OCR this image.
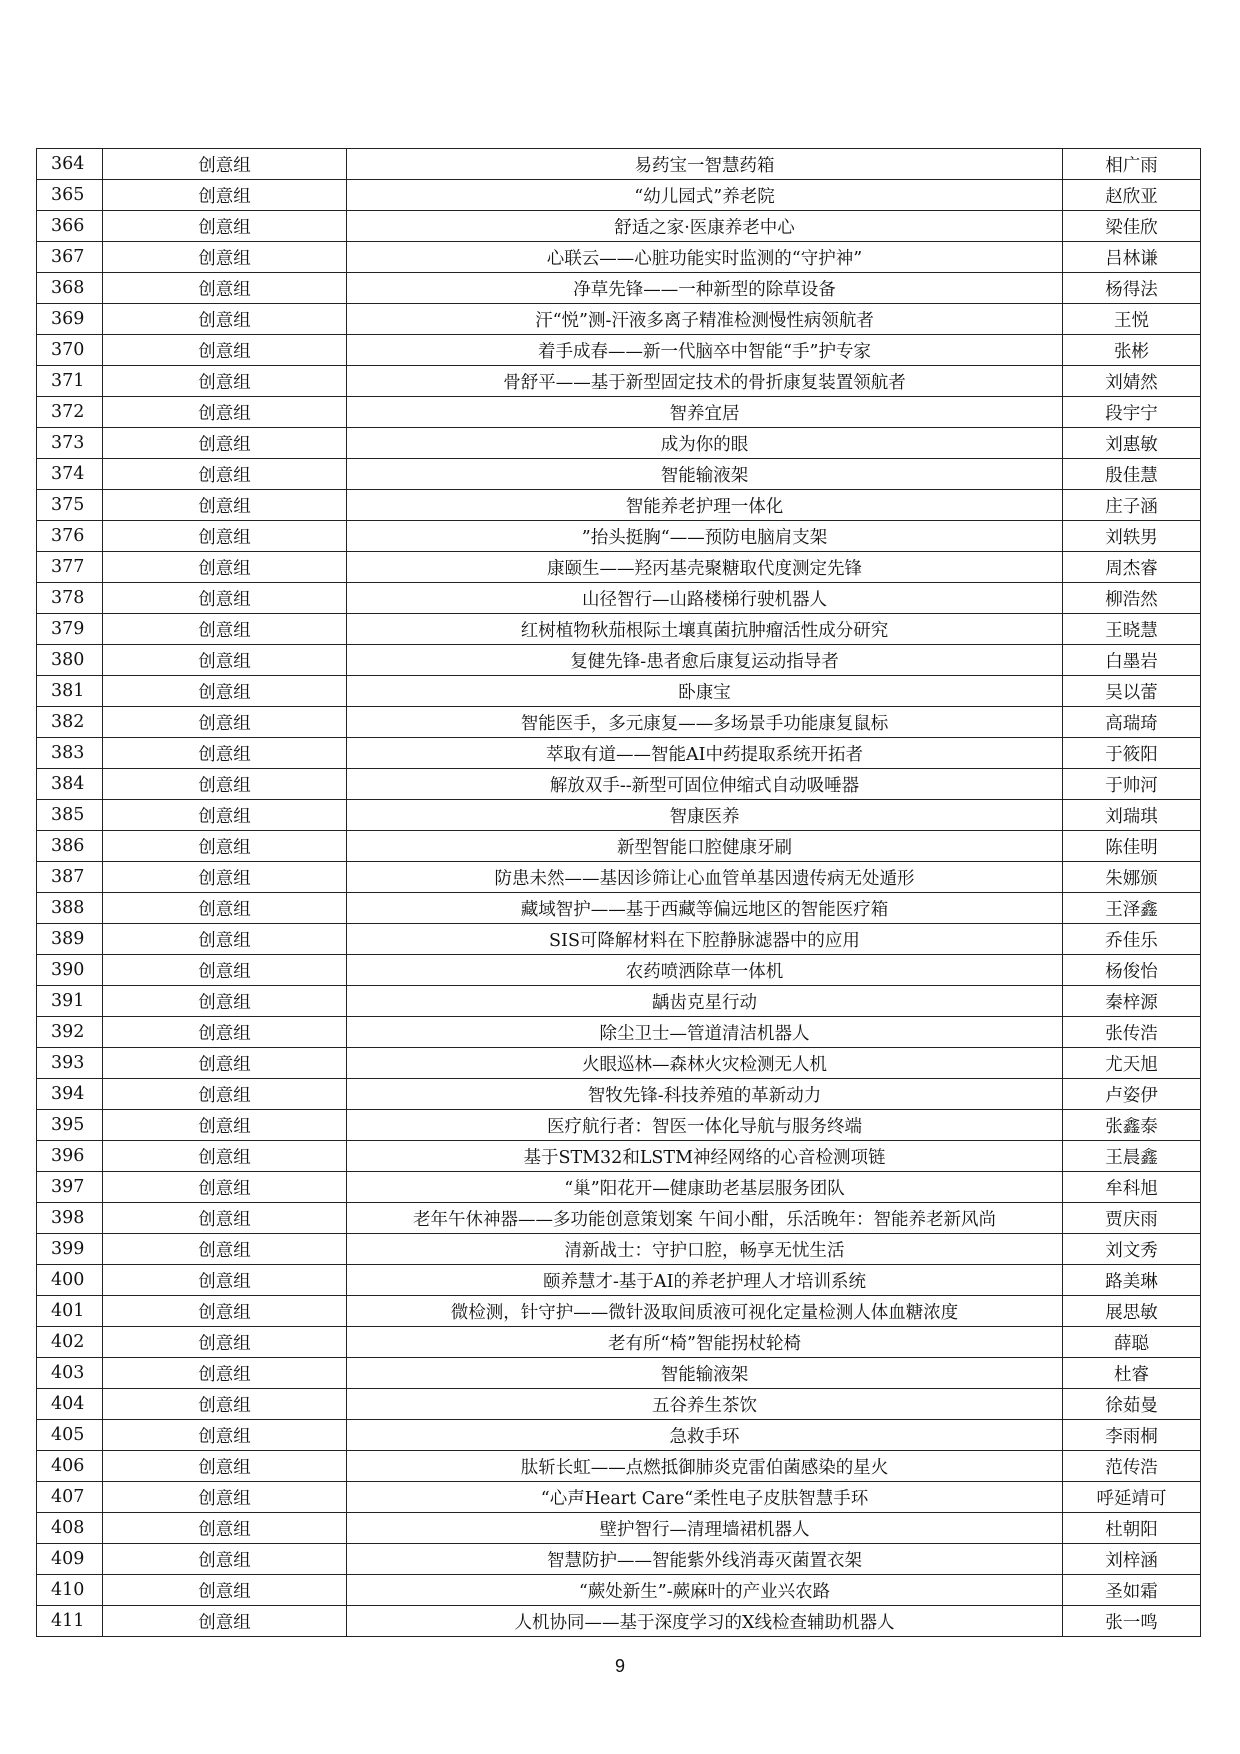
364	创意组	易药宝一智慧药箱	相广雨
365	创意组	“幼儿园式”养老院	赵欣亚
366	创意组	舒适之家·医康养老中心	梁佳欣
367	创意组	心联云——心脏功能实时监测的“守护神”	吕林谦
368	创意组	净草先锋——一种新型的除草设备	杨得法
369	创意组	汗“悦”测-汗液多离子精准检测慢性病领航者	王悦
370	创意组	着手成春——新一代脑卒中智能“手”护专家	张彬
371	创意组	骨舒平——基于新型固定技术的骨折康复装置领航者	刘婧然
372	创意组	智养宜居	段宇宁
373	创意组	成为你的眼	刘惠敏
374	创意组	智能输液架	殷佳慧
375	创意组	智能养老护理一体化	庄子涵
376	创意组	”抬头挺胸“——预防电脑肩支架	刘轶男
377	创意组	康颐生——羟丙基壳聚糖取代度测定先锋	周杰睿
378	创意组	山径智行—山路楼梯行驶机器人	柳浩然
379	创意组	红树植物秋茄根际土壤真菌抗肿瘤活性成分研究	王晓慧
380	创意组	复健先锋-患者愈后康复运动指导者	白墨岩
381	创意组	卧康宝	吴以蕾
382	创意组	智能医手，多元康复——多场景手功能康复鼠标	高瑞琦
383	创意组	萃取有道——智能AI中药提取系统开拓者	于筱阳
384	创意组	解放双手--新型可固位伸缩式自动吸唾器	于帅河
385	创意组	智康医养	刘瑞琪
386	创意组	新型智能口腔健康牙刷	陈佳明
387	创意组	防患未然——基因诊筛让心血管单基因遗传病无处遁形	朱娜颁
388	创意组	藏域智护——基于西藏等偏远地区的智能医疗箱	王泽鑫
389	创意组	SIS可降解材料在下腔静脉滤器中的应用	乔佳乐
390	创意组	农药喷洒除草一体机	杨俊怡
391	创意组	龋齿克星行动	秦梓源
392	创意组	除尘卫士—管道清洁机器人	张传浩
393	创意组	火眼巡林—森林火灾检测无人机	尤天旭
394	创意组	智牧先锋-科技养殖的革新动力	卢姿伊
395	创意组	医疗航行者：智医一体化导航与服务终端	张鑫泰
396	创意组	基于STM32和LSTM神经网络的心音检测项链	王晨鑫
397	创意组	“巢”阳花开—健康助老基层服务团队	牟科旭
398	创意组	老年午休神器——多功能创意策划案 午间小酣，乐活晚年：智能养老新风尚	贾庆雨
399	创意组	清新战士：守护口腔，畅享无忧生活	刘文秀
400	创意组	颐养慧才-基于AI的养老护理人才培训系统	路美琳
401	创意组	微检测，针守护——微针汲取间质液可视化定量检测人体血糖浓度	展思敏
402	创意组	老有所“椅”智能拐杖轮椅	薛聪
403	创意组	智能输液架	杜睿
404	创意组	五谷养生茶饮	徐茹曼
405	创意组	急救手环	李雨桐
406	创意组	肽斩长虹——点燃抵御肺炎克雷伯菌感染的星火	范传浩
407	创意组	“心声Heart Care“柔性电子皮肤智慧手环	呼延靖可
408	创意组	壁护智行—清理墙裙机器人	杜朝阳
409	创意组	智慧防护——智能紫外线消毒灭菌置衣架	刘梓涵
410	创意组	“蕨处新生”-蕨麻叶的产业兴农路	圣如霜
411	创意组	人机协同——基于深度学习的X线检查辅助机器人	张一鸣
9
